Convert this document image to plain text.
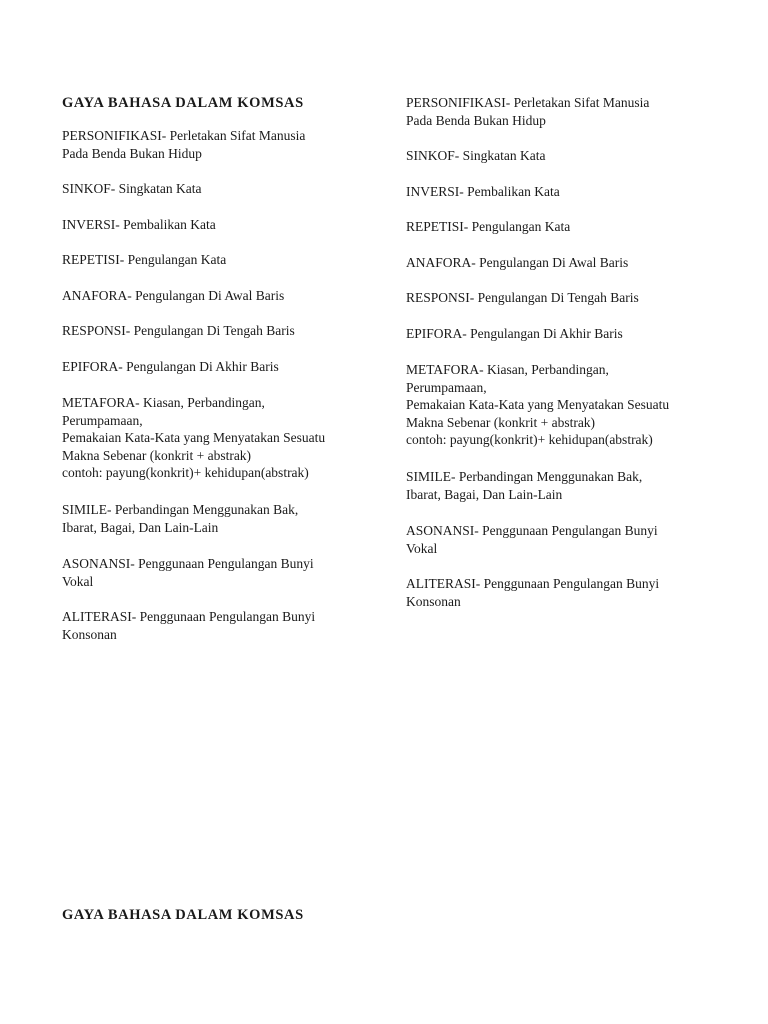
GAYA BAHASA DALAM KOMSAS

PERSONIFIKASI- Perletakan Sifat Manusia
Pada Benda Bukan Hidup

SINKOF- Singkatan Kata

INVERSI- Pembalikan Kata

REPETISI- Pengulangan Kata

ANAFORA- Pengulangan Di Awal Baris

RESPONSI- Pengulangan Di Tengah Baris

EPIFORA- Pengulangan Di Akhir Baris

METAFORA- Kiasan, Perbandingan,
Perumpamaan,
Pemakaian Kata-Kata yang Menyatakan Sesuatu
Makna Sebenar (konkrit + abstrak)
contoh: payung(konkrit)+ kehidupan(abstrak)

SIMILE- Perbandingan Menggunakan Bak,
Ibarat, Bagai, Dan Lain-Lain

ASONANSI- Penggunaan Pengulangan Bunyi
Vokal

ALITERASI- Penggunaan Pengulangan Bunyi
Konsonan

PERSONIFIKASI- Perletakan Sifat Manusia
Pada Benda Bukan Hidup

SINKOF- Singkatan Kata

INVERSI- Pembalikan Kata

REPETISI- Pengulangan Kata

ANAFORA- Pengulangan Di Awal Baris

RESPONSI- Pengulangan Di Tengah Baris

EPIFORA- Pengulangan Di Akhir Baris

METAFORA- Kiasan, Perbandingan,
Perumpamaan,
Pemakaian Kata-Kata yang Menyatakan Sesuatu
Makna Sebenar (konkrit + abstrak)
contoh: payung(konkrit)+ kehidupan(abstrak)

SIMILE- Perbandingan Menggunakan Bak,
Ibarat, Bagai, Dan Lain-Lain

ASONANSI- Penggunaan Pengulangan Bunyi
Vokal

ALITERASI- Penggunaan Pengulangan Bunyi
Konsonan

GAYA BAHASA DALAM KOMSAS
